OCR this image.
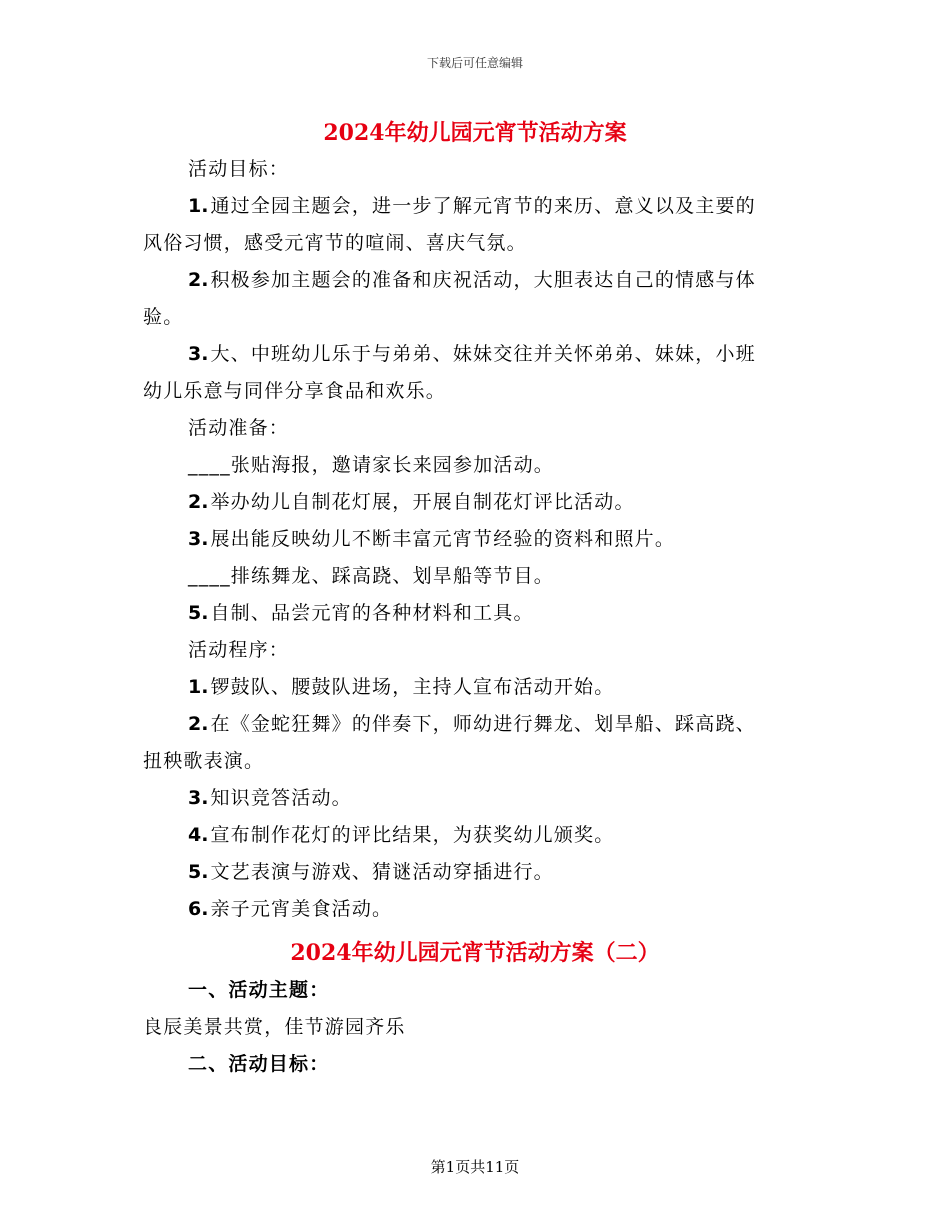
下载后可任意编辑
2024年幼儿园元宵节活动方案
活动目标：
1. 通过全园主题会，进一步了解元宵节的来历、意义以及主要的
风俗习惯，感受元宵节的喧闹、喜庆气氛。
2. 积极参加主题会的准备和庆祝活动，大胆表达自己的情感与体
验。
3. 大、中班幼儿乐于与弟弟、妹妹交往并关怀弟弟、妹妹，小班
幼儿乐意与同伴分享食品和欢乐。
活动准备：
____张贴海报，邀请家长来园参加活动。
2. 举办幼儿自制花灯展，开展自制花灯评比活动。
3. 展出能反映幼儿不断丰富元宵节经验的资料和照片。
____排练舞龙、踩高跷、划旱船等节目。
5. 自制、品尝元宵的各种材料和工具。
活动程序：
1. 锣鼓队、腰鼓队进场，主持人宣布活动开始。
2. 在《金蛇狂舞》的伴奏下，师幼进行舞龙、划旱船、踩高跷、
扭秧歌表演。
3. 知识竞答活动。
4. 宣布制作花灯的评比结果，为获奖幼儿颁奖。
5. 文艺表演与游戏、猜谜活动穿插进行。
6. 亲子元宵美食活动。
2024年幼儿园元宵节活动方案（二）
一、活动主题：
良辰美景共赏，佳节游园齐乐
二、活动目标：
第1页共11页
